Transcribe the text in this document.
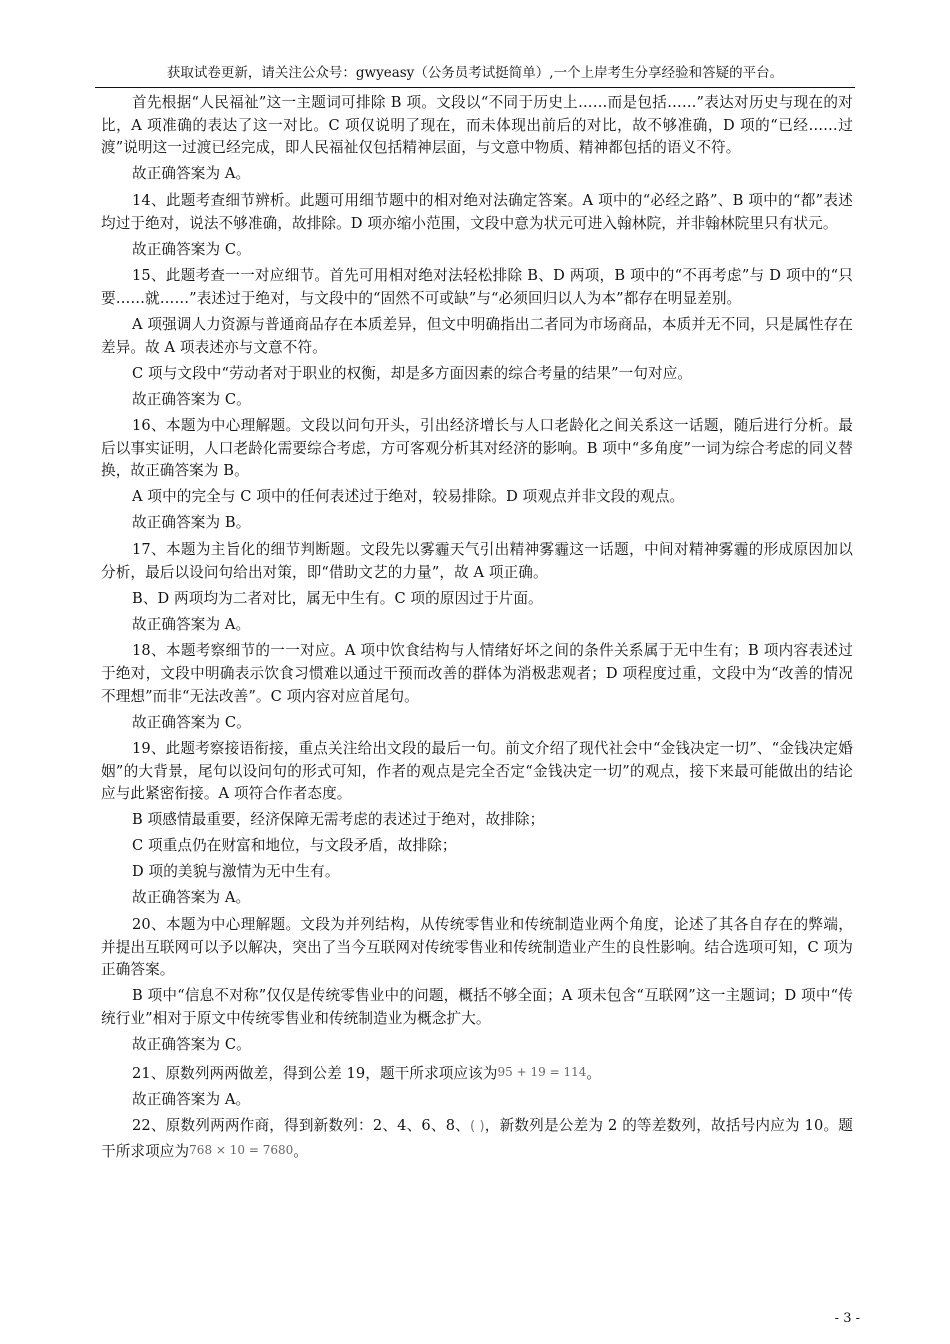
获取试卷更新，请关注公众号：gwyeasy（公务员考试挺简单）,一个上岸考生分享经验和答疑的平台。

首先根据“人民福祉”这一主题词可排除 B 项。文段以“不同于历史上……而是包括……”表达对历史与现在的对比，A 项准确的表达了这一对比。C 项仅说明了现在，而未体现出前后的对比，故不够准确，D 项的“已经……过渡”说明这一过渡已经完成，即人民福祉仅包括精神层面，与文意中物质、精神都包括的语义不符。

故正确答案为 A。

14、此题考查细节辨析。此题可用细节题中的相对绝对法确定答案。A 项中的“必经之路”、B 项中的“都”表述均过于绝对，说法不够准确，故排除。D 项亦缩小范围，文段中意为状元可进入翰林院，并非翰林院里只有状元。

故正确答案为 C。

15、此题考查一一对应细节。首先可用相对绝对法轻松排除 B、D 两项，B 项中的“不再考虑”与 D 项中的“只要……就……”表述过于绝对，与文段中的“固然不可或缺”与“必须回归以人为本”都存在明显差别。

A 项强调人力资源与普通商品存在本质差异，但文中明确指出二者同为市场商品，本质并无不同，只是属性存在差异。故 A 项表述亦与文意不符。

C 项与文段中“劳动者对于职业的权衡，却是多方面因素的综合考量的结果”一句对应。

故正确答案为 C。

16、本题为中心理解题。文段以问句开头，引出经济增长与人口老龄化之间关系这一话题，随后进行分析。最后以事实证明，人口老龄化需要综合考虑，方可客观分析其对经济的影响。B 项中“多角度”一词为综合考虑的同义替换，故正确答案为 B。

A 项中的完全与 C 项中的任何表述过于绝对，较易排除。D 项观点并非文段的观点。

故正确答案为 B。

17、本题为主旨化的细节判断题。文段先以雾霾天气引出精神雾霾这一话题，中间对精神雾霾的形成原因加以分析，最后以设问句给出对策，即“借助文艺的力量”，故 A 项正确。

B、D 两项均为二者对比，属无中生有。C 项的原因过于片面。

故正确答案为 A。

18、本题考察细节的一一对应。A 项中饮食结构与人情绪好坏之间的条件关系属于无中生有；B 项内容表述过于绝对，文段中明确表示饮食习惯难以通过干预而改善的群体为消极悲观者；D 项程度过重，文段中为“改善的情况不理想”而非“无法改善”。C 项内容对应首尾句。

故正确答案为 C。

19、此题考察接语衔接，重点关注给出文段的最后一句。前文介绍了现代社会中“金钱决定一切”、“金钱决定婚姻”的大背景，尾句以设问句的形式可知，作者的观点是完全否定“金钱决定一切”的观点，接下来最可能做出的结论应与此紧密衔接。A 项符合作者态度。

B 项感情最重要，经济保障无需考虑的表述过于绝对，故排除；

C 项重点仍在财富和地位，与文段矛盾，故排除；

D 项的美貌与激情为无中生有。

故正确答案为 A。

20、本题为中心理解题。文段为并列结构，从传统零售业和传统制造业两个角度，论述了其各自存在的弊端，并提出互联网可以予以解决，突出了当今互联网对传统零售业和传统制造业产生的良性影响。结合选项可知，C 项为正确答案。

B 项中“信息不对称”仅仅是传统零售业中的问题，概括不够全面；A 项未包含“互联网”这一主题词；D 项中“传统行业”相对于原文中传统零售业和传统制造业为概念扩大。

故正确答案为 C。

21、原数列两两做差，得到公差 19，题干所求项应该为95 + 19 = 114。

故正确答案为 A。

22、原数列两两作商，得到新数列：2、4、6、8、( )，新数列是公差为 2 的等差数列，故括号内应为 10。题干所求项应为768 × 10 = 7680。

- 3 -
